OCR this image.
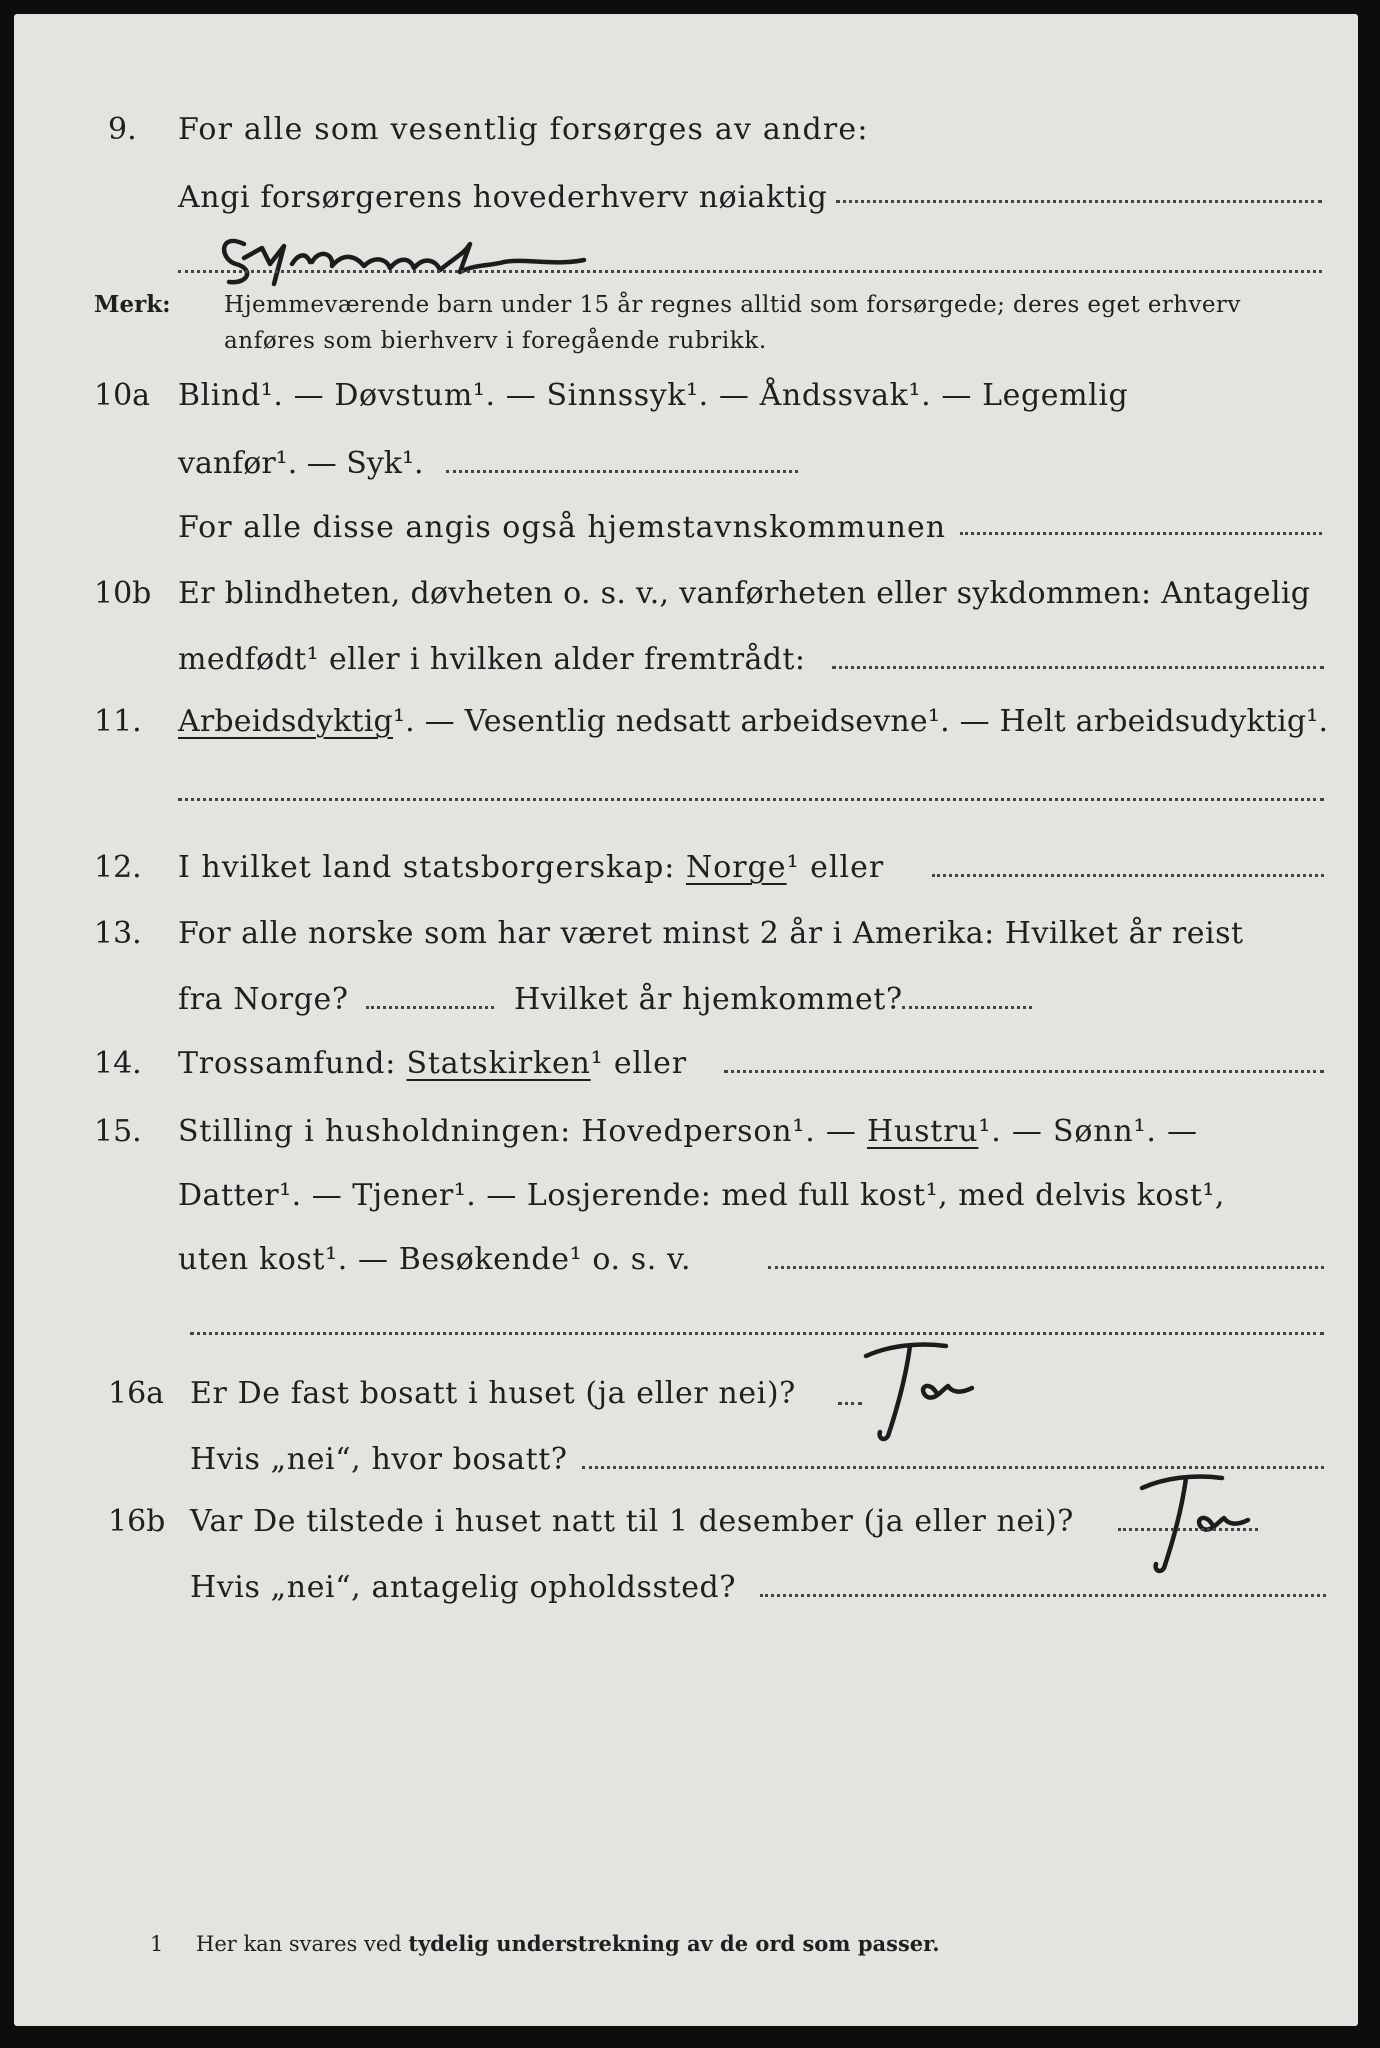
9. For alle som vesentlig forsørges av andre:
Angi forsørgerens hovederhverv nøiaktig
Merk: Hjemmeværende barn under 15 år regnes alltid som forsørgede; deres eget erhverv
anføres som bierhverv i foregående rubrikk.
10a Blind¹. — Døvstum¹. — Sinnssyk¹. — Åndssvak¹. — Legemlig
vanfør¹. — Syk¹.
For alle disse angis også hjemstavnskommunen
10b Er blindheten, døvheten o. s. v., vanførheten eller sykdommen: Antagelig
medfødt¹ eller i hvilken alder fremtrådt:
11. Arbeidsdyktig¹. — Vesentlig nedsatt arbeidsevne¹. — Helt arbeidsudyktig¹.
12. I hvilket land statsborgerskap: Norge¹ eller
13. For alle norske som har været minst 2 år i Amerika: Hvilket år reist
fra Norge?	Hvilket år hjemkommet?
14. Trossamfund: Statskirken¹ eller
15. Stilling i husholdningen: Hovedperson¹. — Hustru¹. — Sønn¹. —
Datter¹. — Tjener¹. — Losjerende: med full kost¹, med delvis kost¹,
uten kost¹. — Besøkende¹ o. s. v.
16a Er De fast bosatt i huset (ja eller nei)?
Hvis „nei“, hvor bosatt?
16b Var De tilstede i huset natt til 1 desember (ja eller nei)?
Hvis „nei“, antagelig opholdssted?
1 Her kan svares ved tydelig understrekning av de ord som passer.
